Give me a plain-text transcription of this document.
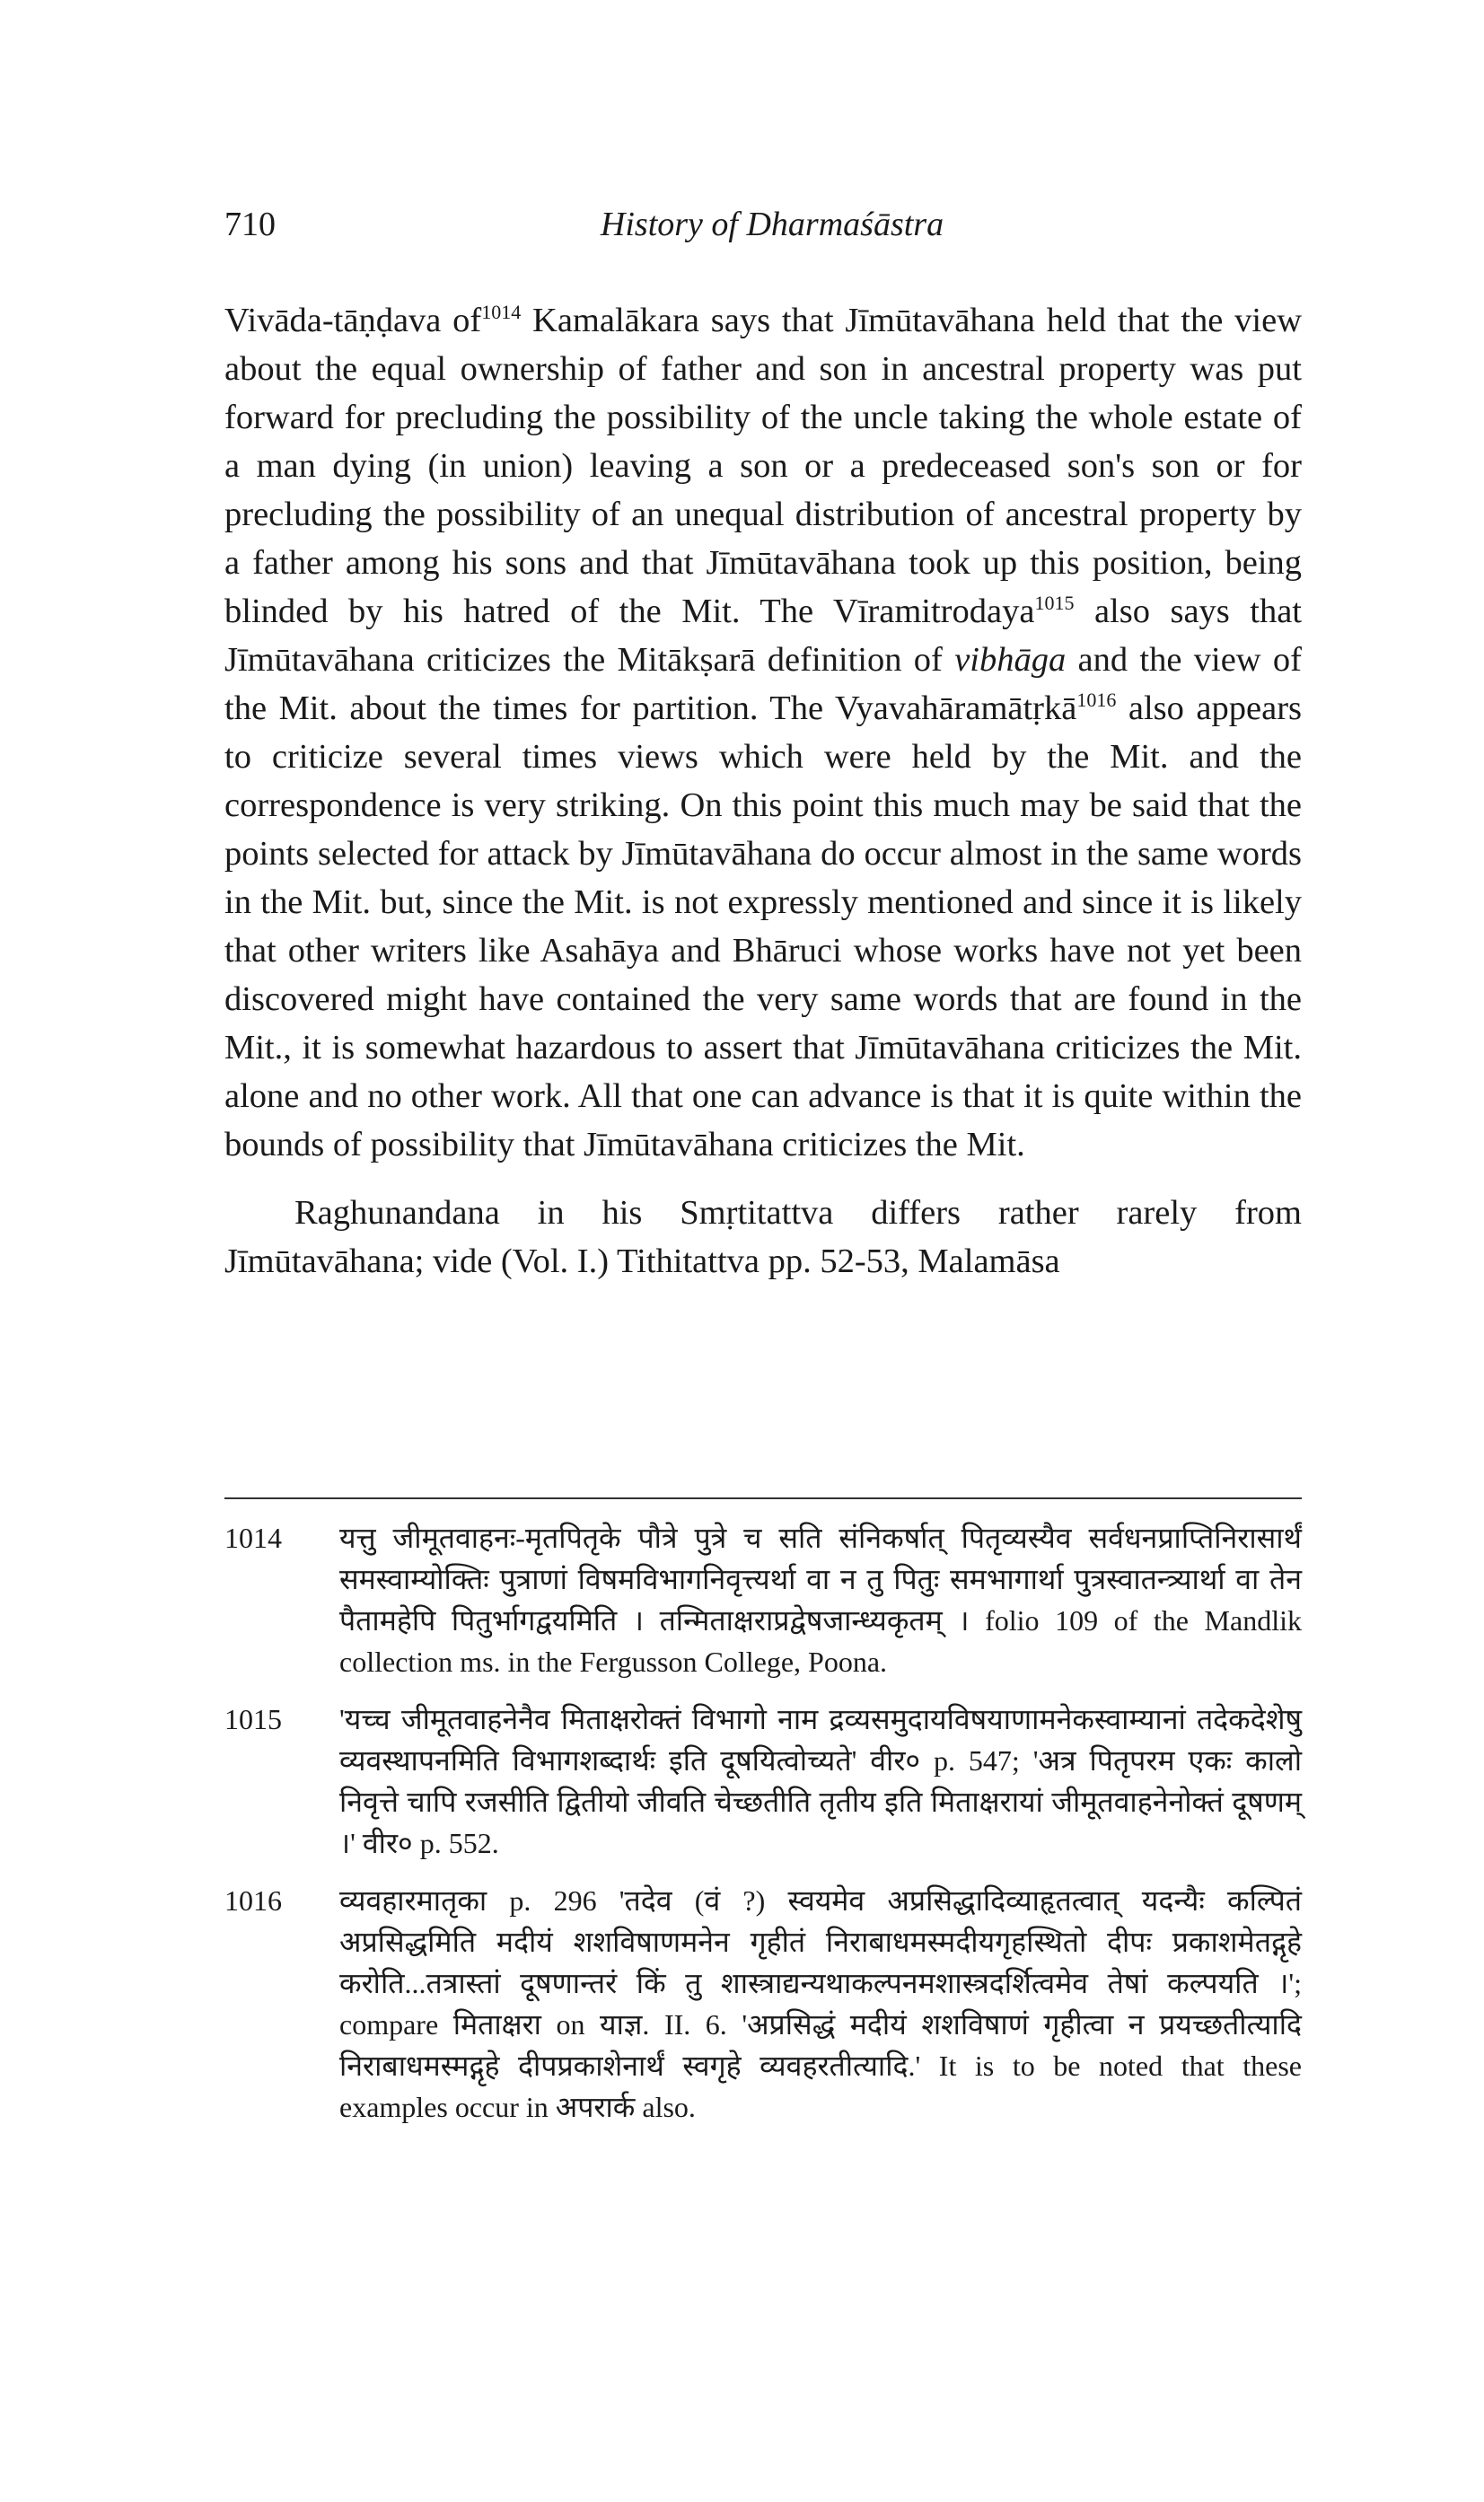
710	History of Dharmaśāstra

Vivāda-tāṇḍava $of^{1014}$ Kamalākara says that Jīmūtavāhana held that the view about the equal ownership of father and son in ancestral property was put forward for precluding the possibility of the uncle taking the whole estate of a man dying (in union) leaving a son or a predeceased son's son or for precluding the possibility of an unequal distribution of ancestral property by a father among his sons and that Jīmūtavāhana took up this position, being blinded by his hatred of the Mit. The Vīramitrodaya$^{1015}$ also says that Jīmūtavāhana criticizes the Mitākṣarā definition of vibhāga and the view of the Mit. about the times for partition. The Vyavahāramātṛkā$^{1016}$ also appears to criticize several times views which were held by the Mit. and the correspondence is very striking. On this point this much may be said that the points selected for attack by Jīmūtavāhana do occur almost in the same words in the Mit. but, since the Mit. is not expressly mentioned and since it is likely that other writers like Asahāya and Bhāruci whose works have not yet been discovered might have contained the very same words that are found in the Mit., it is somewhat hazardous to assert that Jīmūtavāhana criticizes the Mit. alone and no other work. All that one can advance is that it is quite within the bounds of possibility that Jīmūtavāhana criticizes the Mit.

Raghunandana in his Smṛtitattva differs rather rarely from Jīmūtavāhana; vide (Vol. I.) Tithitattva pp. 52-53, Malamāsa

1014	यत्तु जीमूतवाहनः-मृतपितृके पौत्रे पुत्रे च सति संनिकर्षात् पितृव्यस्यैव सर्वधनप्राप्तिनिरासार्थं समस्वाम्योक्तिः पुत्राणां विषमविभागनिवृत्त्यर्था वा न तु पितुः समभागार्था पुत्रस्वातन्त्र्यार्था वा तेन पैतामहेपि पितुर्भागद्वयमिति । तन्मिताक्षराप्रद्वेषजान्ध्यकृतम् । folio 109 of the Mandlik collection ms. in the Fergusson College, Poona.
1015	'यच्च जीमूतवाहनेनैव मिताक्षरोक्तं विभागो नाम द्रव्यसमुदायविषयाणामनेकस्वाम्यानां तदेकदेशेषु व्यवस्थापनमिति विभागशब्दार्थः इति दूषयित्वोच्यते' वीर० p. 547; 'अत्र पितृपरम एकः कालो निवृत्ते चापि रजसीति द्वितीयो जीवति चेच्छतीति तृतीय इति मिताक्षरायां जीमूतवाहनेनोक्तं दूषणम् ।' वीर० p. 552.
1016	व्यवहारमातृका p. 296 'तदेव (वं ?) स्वयमेव अप्रसिद्धादिव्याहृतत्वात् यदन्यैः कल्पितं अप्रसिद्धमिति मदीयं शशविषाणमनेन गृहीतं निराबाधमस्मदीयगृहस्थितो दीपः प्रकाशमेतद्गृहे करोति...तत्रास्तां दूषणान्तरं किं तु शास्त्राद्यन्यथाकल्पनमशास्त्रदर्शित्वमेव तेषां कल्पयति ।'; compare मिताक्षरा on याज्ञ. II. 6. 'अप्रसिद्धं मदीयं शशविषाणं गृहीत्वा न प्रयच्छतीत्यादि निराबाधमस्मद्गृहे दीपप्रकाशेनार्थं स्वगृहे व्यवहरतीत्यादि.' It is to be noted that these examples occur in अपरार्क also.
